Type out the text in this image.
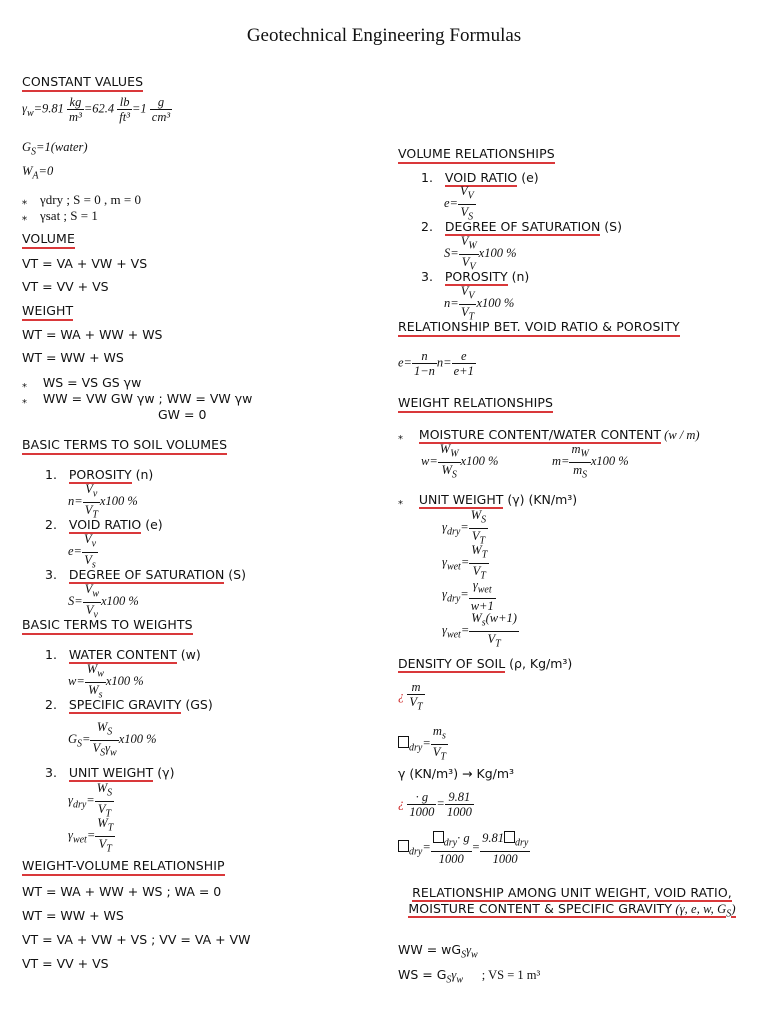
Geotechnical Engineering Formulas
CONSTANT VALUES
$\gamma_w=9.81 \frac{kg}{\text{m³}} =62.4 \frac{lb}{\text{ft³}} =1 \frac{g}{\text{cm³}}$
$G_S=1(water)$
$W_A=0$
⁎ γdry ; S = 0 , m = 0
⁎ γsat ; S = 1
VOLUME
VT = VA + VW + VS
VT = VV + VS
WEIGHT
WT = WA + WW + WS
WT = WW + WS
⁎ WS = VS GS γw
⁎ WW = VW GW γw ; WW = VW γw
GW = 0
BASIC TERMS TO SOIL VOLUMES
1. POROSITY (n)
$n= \frac{V_v}{V_T} x100$ %
2. VOID RATIO (e)
$e= \frac{V_v}{V_s}$
3. DEGREE OF SATURATION (S)
$S= \frac{V_w}{V_v} x100$ %
BASIC TERMS TO WEIGHTS
1. WATER CONTENT (w)
$w= \frac{W_w}{W_s} x100$ %
2. SPECIFIC GRAVITY (GS)
$G_S= \frac{W_S}{V_S\gamma_w} x100$ %
3. UNIT WEIGHT (γ)
$\gamma_{dry}= \frac{W_S}{V_T}$
$\gamma_{wet}= \frac{W_T}{V_T}$
WEIGHT-VOLUME RELATIONSHIP
WT = WA + WW + WS ; WA = 0
WT = WW + WS
VT = VA + VW + VS ; VV = VA + VW
VT = VV + VS
VOLUME RELATIONSHIPS
1. VOID RATIO (e)
$e= \frac{V_V}{V_S}$
2. DEGREE OF SATURATION (S)
$S= \frac{V_W}{V_V} x100$ %
3. POROSITY (n)
$n= \frac{V_V}{V_T} x100$ %
RELATIONSHIP BET. VOID RATIO & POROSITY
$e= \frac{n}{1-n} n= \frac{e}{e+1}$
WEIGHT RELATIONSHIPS
⁎ MOISTURE CONTENT/WATER CONTENT (w / m)
$w= \frac{W_W}{W_S} x100$ %	$m= \frac{m_W}{m_S} x100$ %
⁎ UNIT WEIGHT (γ) (KN/m³)
$\gamma_{dry}= \frac{W_S}{V_T}$
$\gamma_{wet}= \frac{W_T}{V_T}$
$\gamma_{dry}= \frac{\gamma_{wet}}{w+1}$
$\gamma_{wet}= \frac{W_s(w+1)}{V_T}$
DENSITY OF SOIL (ρ, Kg/m³)
¿ $\frac{m}{V_T}$
$_{dry}= \frac{m_s}{V_T}$
γ (KN/m³) → Kg/m³
¿ $\frac{\cdot g}{1000} = \frac{9.81}{1000}$
$_{dry}= \frac{_{dry}\cdot g}{1000} = \frac{9.81 _{dry}}{1000}$
RELATIONSHIP AMONG UNIT WEIGHT, VOID RATIO, MOISTURE CONTENT & SPECIFIC GRAVITY (γ, e, w, $G_S$)
WW = $wG_S\gamma_w$
WS = $G_S\gamma_w$ ; VS = 1 m³
